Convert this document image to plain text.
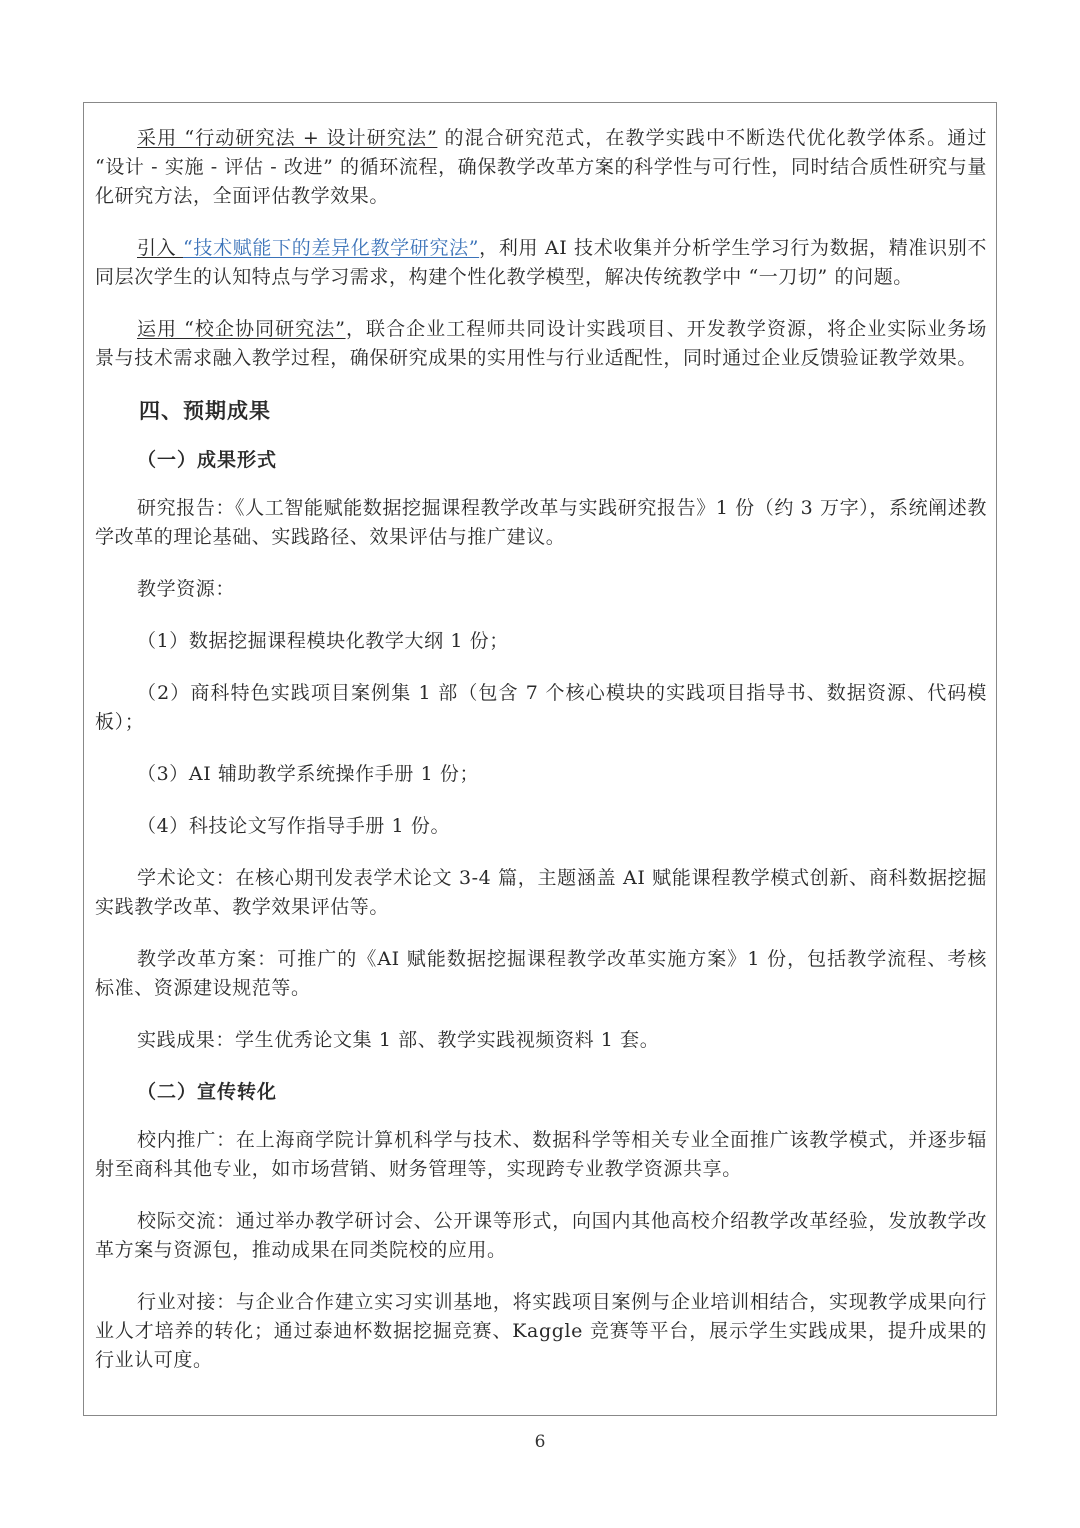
采用 “行动研究法 + 设计研究法” 的混合研究范式，在教学实践中不断迭代优化教学体系。通过 “设计 - 实施 - 评估 - 改进” 的循环流程，确保教学改革方案的科学性与可行性，同时结合质性研究与量化研究方法，全面评估教学效果。

引入 “技术赋能下的差异化教学研究法”，利用 AI 技术收集并分析学生学习行为数据，精准识别不同层次学生的认知特点与学习需求，构建个性化教学模型，解决传统教学中 “一刀切” 的问题。

运用 “校企协同研究法”，联合企业工程师共同设计实践项目、开发教学资源，将企业实际业务场景与技术需求融入教学过程，确保研究成果的实用性与行业适配性，同时通过企业反馈验证教学效果。

四、预期成果
（一）成果形式

研究报告：《人工智能赋能数据挖掘课程教学改革与实践研究报告》1 份（约 3 万字），系统阐述教学改革的理论基础、实践路径、效果评估与推广建议。

教学资源：

（1）数据挖掘课程模块化教学大纲 1 份；

（2）商科特色实践项目案例集 1 部（包含 7 个核心模块的实践项目指导书、数据资源、代码模板）；

（3）AI 辅助教学系统操作手册 1 份；

（4）科技论文写作指导手册 1 份。

学术论文：在核心期刊发表学术论文 3-4 篇，主题涵盖 AI 赋能课程教学模式创新、商科数据挖掘实践教学改革、教学效果评估等。

教学改革方案：可推广的《AI 赋能数据挖掘课程教学改革实施方案》1 份，包括教学流程、考核标准、资源建设规范等。

实践成果：学生优秀论文集 1 部、教学实践视频资料 1 套。

（二）宣传转化

校内推广：在上海商学院计算机科学与技术、数据科学等相关专业全面推广该教学模式，并逐步辐射至商科其他专业，如市场营销、财务管理等，实现跨专业教学资源共享。

校际交流：通过举办教学研讨会、公开课等形式，向国内其他高校介绍教学改革经验，发放教学改革方案与资源包，推动成果在同类院校的应用。

行业对接：与企业合作建立实习实训基地，将实践项目案例与企业培训相结合，实现教学成果向行业人才培养的转化；通过泰迪杯数据挖掘竞赛、Kaggle 竞赛等平台，展示学生实践成果，提升成果的行业认可度。

6
